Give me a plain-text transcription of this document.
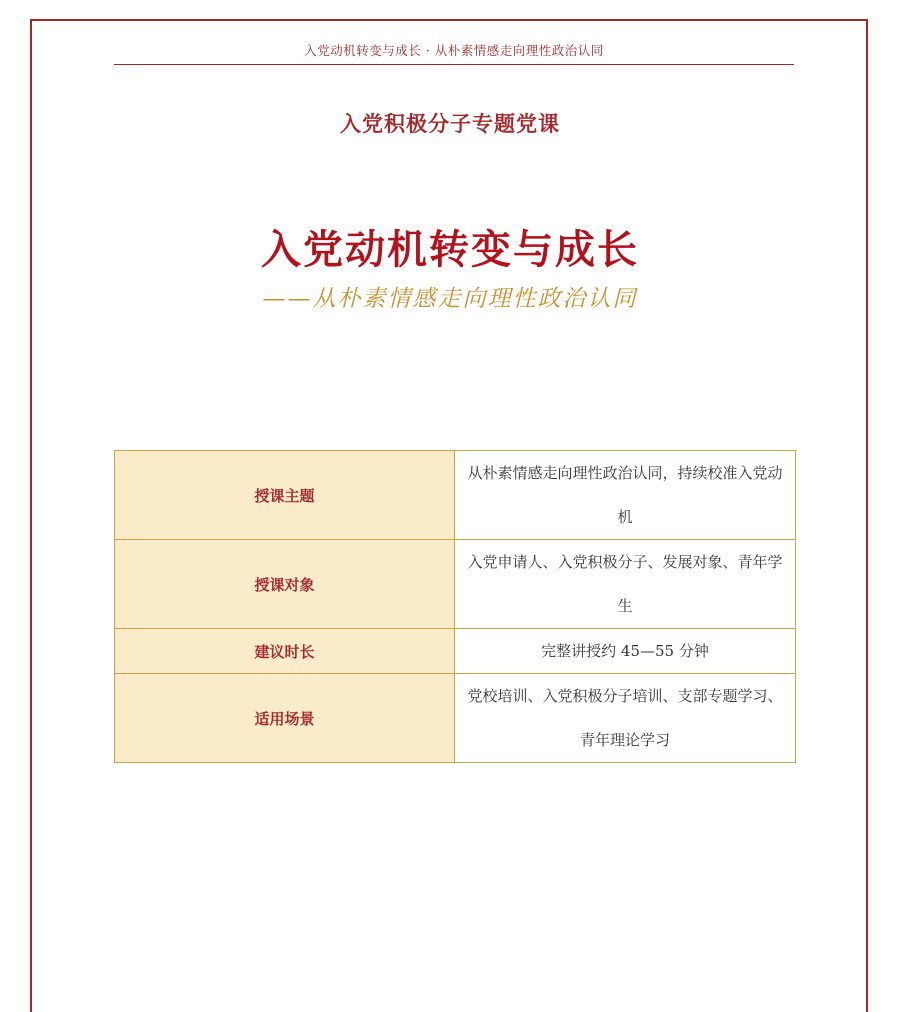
入党动机转变与成长 · 从朴素情感走向理性政治认同
入党积极分子专题党课
入党动机转变与成长
——从朴素情感走向理性政治认同
授课主题	从朴素情感走向理性政治认同，持续校准入党动机
授课对象	入党申请人、入党积极分子、发展对象、青年学生
建议时长	完整讲授约 45—55 分钟
适用场景	党校培训、入党积极分子培训、支部专题学习、青年理论学习
